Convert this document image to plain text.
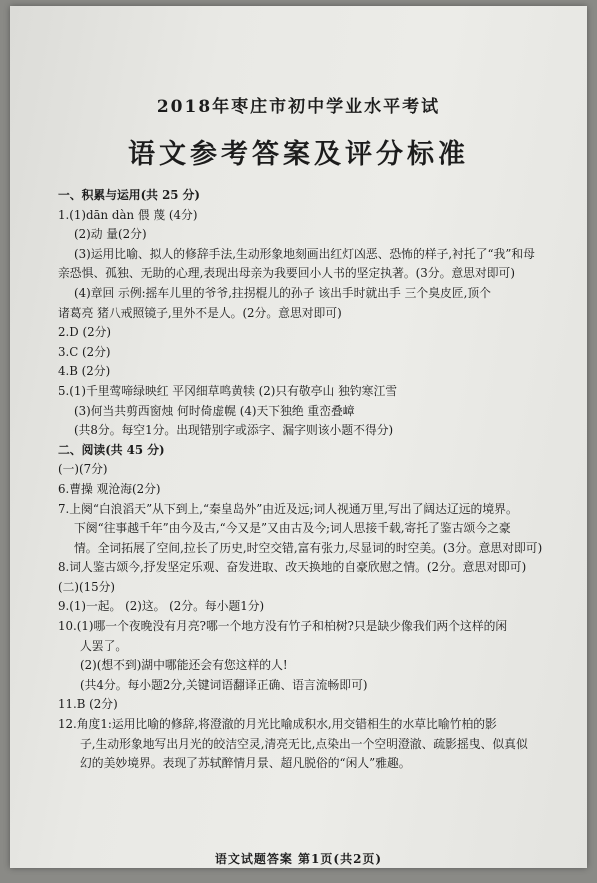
2018年枣庄市初中学业水平考试
语文参考答案及评分标准
一、积累与运用(共 25 分)
1.(1)dān dàn 偎 蔑 (4分)
(2)动 量(2分)
(3)运用比喻、拟人的修辞手法,生动形象地刻画出红灯凶恶、恐怖的样子,衬托了“我”和母
亲恐惧、孤独、无助的心理,表现出母亲为我要回小人书的坚定执著。(3分。意思对即可)
(4)章回 示例:摇车儿里的爷爷,拄拐棍儿的孙子 该出手时就出手 三个臭皮匠,顶个
诸葛亮 猪八戒照镜子,里外不是人。(2分。意思对即可)
2.D (2分)
3.C (2分)
4.B (2分)
5.(1)千里莺啼绿映红 平冈细草鸣黄犊 (2)只有敬亭山 独钓寒江雪
(3)何当共剪西窗烛 何时倚虚幌 (4)天下独绝 重峦叠嶂
(共8分。每空1分。出现错别字或添字、漏字则该小题不得分)
二、阅读(共 45 分)
(一)(7分)
6.曹操 观沧海(2分)
7.上阕“白浪滔天”从下到上,“秦皇岛外”由近及远;词人视通万里,写出了阔达辽远的境界。
下阕“往事越千年”由今及古,“今又是”又由古及今;词人思接千载,寄托了鉴古颂今之豪
情。全词拓展了空间,拉长了历史,时空交错,富有张力,尽显词的时空美。(3分。意思对即可)
8.词人鉴古颂今,抒发坚定乐观、奋发进取、改天换地的自豪欣慰之情。(2分。意思对即可)
(二)(15分)
9.(1)一起。 (2)这。 (2分。每小题1分)
10.(1)哪一个夜晚没有月亮?哪一个地方没有竹子和柏树?只是缺少像我们两个这样的闲
人罢了。
(2)(想不到)湖中哪能还会有您这样的人!
(共4分。每小题2分,关键词语翻译正确、语言流畅即可)
11.B (2分)
12.角度1:运用比喻的修辞,将澄澈的月光比喻成积水,用交错相生的水草比喻竹柏的影
子,生动形象地写出月光的皎洁空灵,清亮无比,点染出一个空明澄澈、疏影摇曳、似真似
幻的美妙境界。表现了苏轼醉情月景、超凡脱俗的“闲人”雅趣。
语文试题答案 第1页(共2页)
